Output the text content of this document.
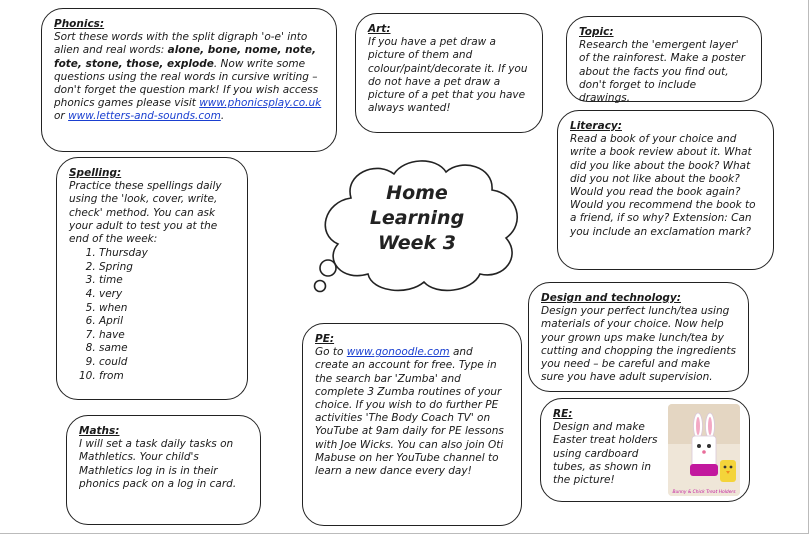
Phonics:
Sort these words with the split digraph 'o-e' into alien and real words: alone, bone, nome, note, fote, stone, those, explode. Now write some questions using the real words in cursive writing – don't forget the question mark! If you wish access phonics games please visit www.phonicsplay.co.uk or www.letters-and-sounds.com.
Art:
If you have a pet draw a picture of them and colour/paint/decorate it. If you do not have a pet draw a picture of a pet that you have always wanted!
Topic:
Research the 'emergent layer' of the rainforest. Make a poster about the facts you find out, don't forget to include drawings.
Literacy:
Read a book of your choice and write a book review about it. What did you like about the book? What did you not like about the book? Would you read the book again? Would you recommend the book to a friend, if so why? Extension: Can you include an exclamation mark?
Spelling:
Practice these spellings daily using the 'look, cover, write, check' method. You can ask your adult to test you at the end of the week:
1. Thursday
2. Spring
3. time
4. very
5. when
6. April
7. have
8. same
9. could
10. from
Home
Learning
Week 3
Design and technology:
Design your perfect lunch/tea using materials of your choice. Now help your grown ups make lunch/tea by cutting and chopping the ingredients you need – be careful and make sure you have adult supervision.
PE:
Go to www.gonoodle.com and create an account for free. Type in the search bar 'Zumba' and complete 3 Zumba routines of your choice. If you wish to do further PE activities 'The Body Coach TV' on YouTube at 9am daily for PE lessons with Joe Wicks. You can also join Oti Mabuse on her YouTube channel to learn a new dance every day!
Maths:
I will set a task daily tasks on Mathletics. Your child's Mathletics log in is in their phonics pack on a log in card.
RE:
Design and make Easter treat holders using cardboard tubes, as shown in the picture!
Bunny & Chick Treat Holders
